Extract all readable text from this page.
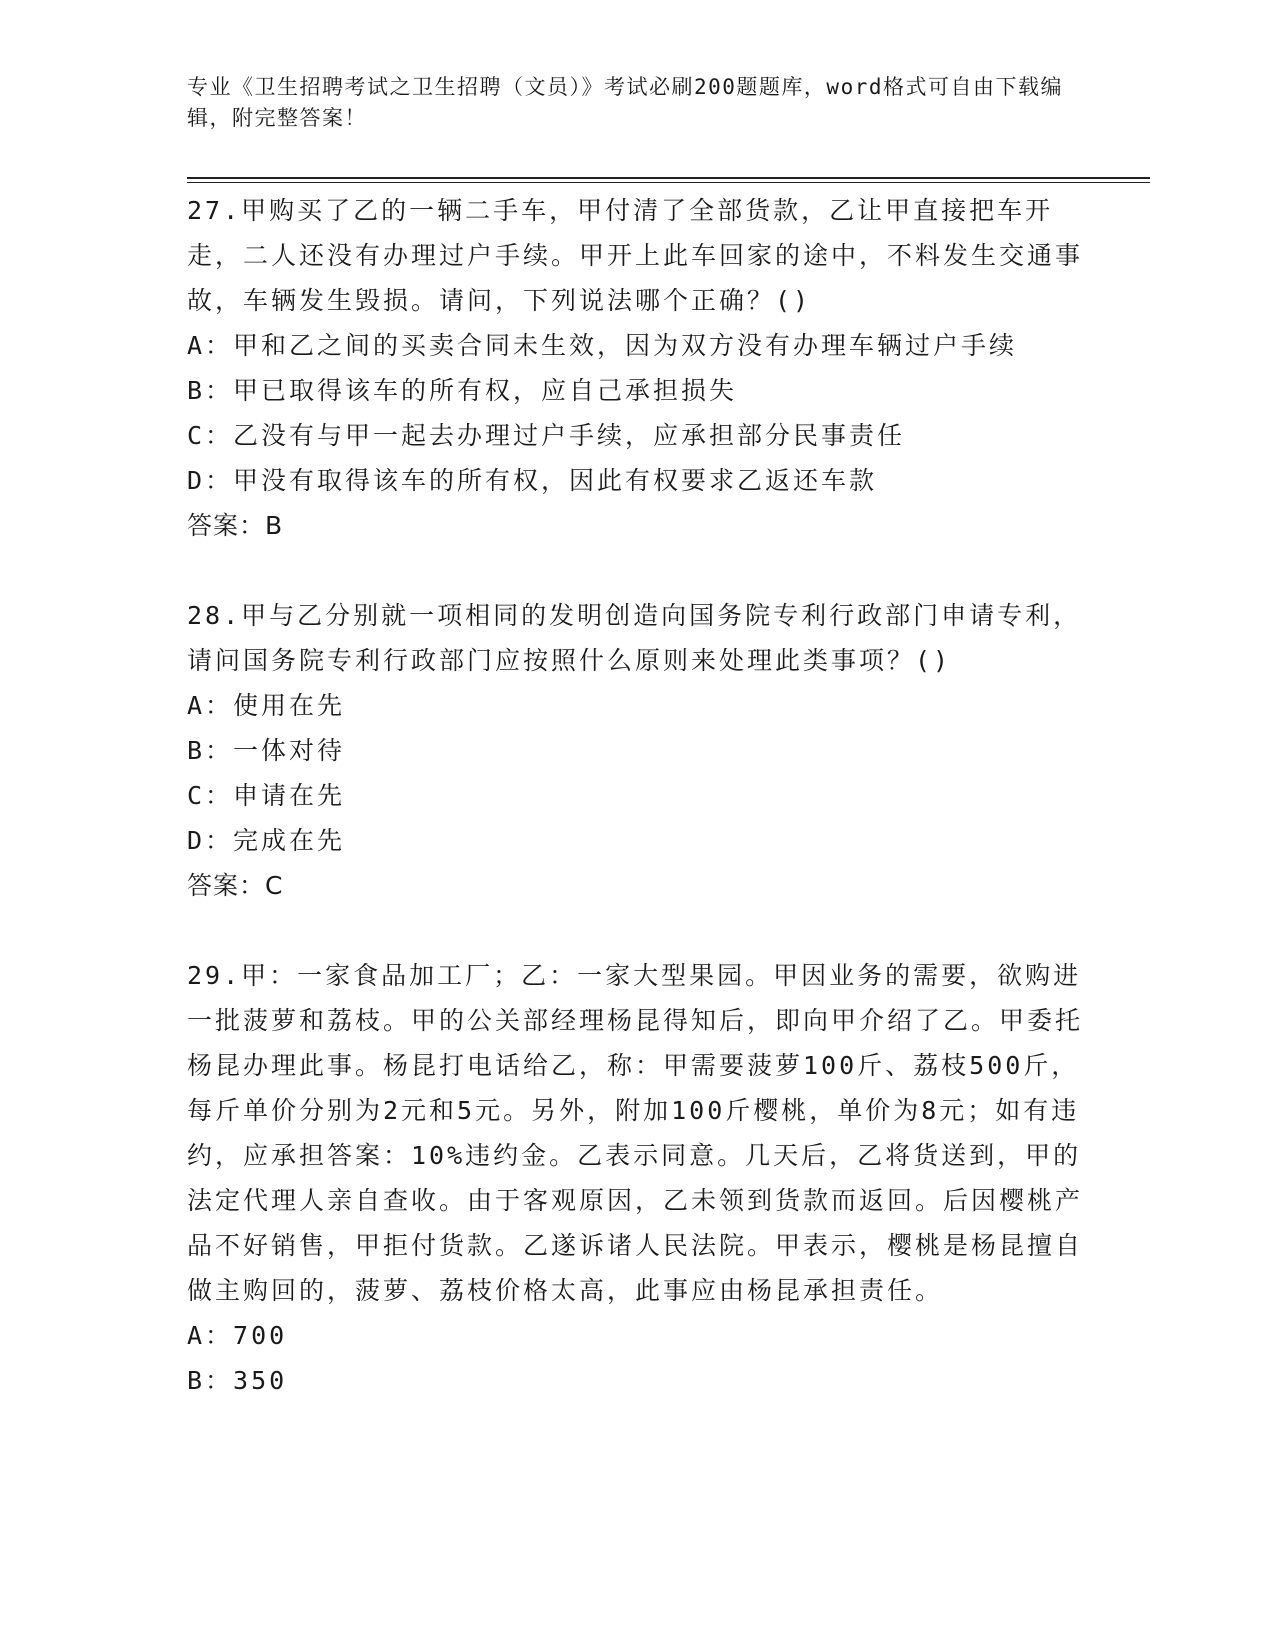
专业《卫生招聘考试之卫生招聘（文员）》考试必刷200题题库，word格式可自由下载编辑，附完整答案！

27.甲购买了乙的一辆二手车，甲付清了全部货款，乙让甲直接把车开走，二人还没有办理过户手续。甲开上此车回家的途中，不料发生交通事故，车辆发生毁损。请问，下列说法哪个正确？()

A：甲和乙之间的买卖合同未生效，因为双方没有办理车辆过户手续

B：甲已取得该车的所有权，应自己承担损失

C：乙没有与甲一起去办理过户手续，应承担部分民事责任

D：甲没有取得该车的所有权，因此有权要求乙返还车款

答案：B

28.甲与乙分别就一项相同的发明创造向国务院专利行政部门申请专利，请问国务院专利行政部门应按照什么原则来处理此类事项？()

A：使用在先

B：一体对待

C：申请在先

D：完成在先

答案：C

29.甲：一家食品加工厂；乙：一家大型果园。甲因业务的需要，欲购进一批菠萝和荔枝。甲的公关部经理杨昆得知后，即向甲介绍了乙。甲委托杨昆办理此事。杨昆打电话给乙，称：甲需要菠萝100斤、荔枝500斤，每斤单价分别为2元和5元。另外，附加100斤樱桃，单价为8元；如有违约，应承担答案：10%违约金。乙表示同意。几天后，乙将货送到，甲的法定代理人亲自查收。由于客观原因，乙未领到货款而返回。后因樱桃产品不好销售，甲拒付货款。乙遂诉诸人民法院。甲表示，樱桃是杨昆擅自做主购回的，菠萝、荔枝价格太高，此事应由杨昆承担责任。

A：700

B：350
